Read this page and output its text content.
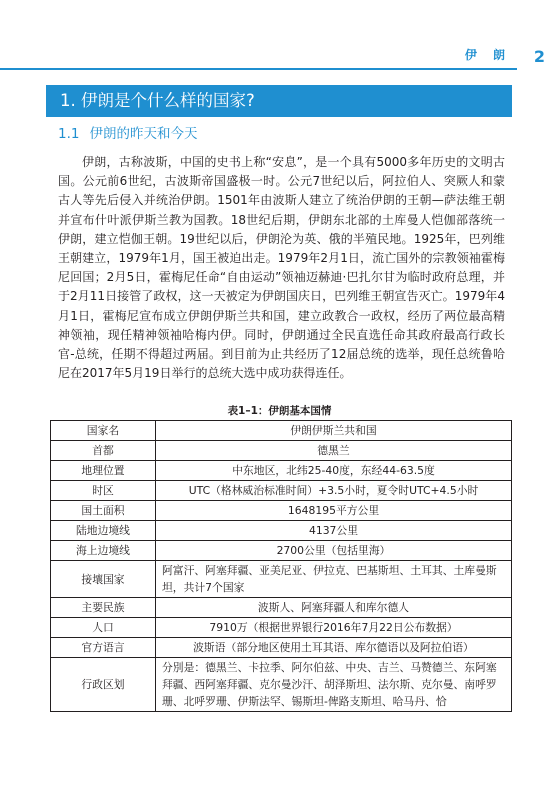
伊 朗 2
1. 伊朗是个什么样的国家?
1.1 伊朗的昨天和今天

伊朗，古称波斯，中国的史书上称“安息”，是一个具有5000多年历史的文明古国。公元前6世纪，古波斯帝国盛极一时。公元7世纪以后，阿拉伯人、突厥人和蒙古人等先后侵入并统治伊朗。1501年由波斯人建立了统治伊朗的王朝—萨法维王朝并宣布什叶派伊斯兰教为国教。18世纪后期，伊朗东北部的土库曼人恺伽部落统一伊朗，建立恺伽王朝。19世纪以后，伊朗沦为英、俄的半殖民地。1925年，巴列维王朝建立，1979年1月，国王被迫出走。1979年2月1日，流亡国外的宗教领袖霍梅尼回国；2月5日，霍梅尼任命“自由运动”领袖迈赫迪·巴扎尔甘为临时政府总理，并于2月11日接管了政权，这一天被定为伊朗国庆日，巴列维王朝宣告灭亡。1979年4月1日，霍梅尼宣布成立伊朗伊斯兰共和国，建立政教合一政权，经历了两位最高精神领袖，现任精神领袖哈梅内伊。同时，伊朗通过全民直选任命其政府最高行政长官-总统，任期不得超过两届。到目前为止共经历了12届总统的选举，现任总统鲁哈尼在2017年5月19日举行的总统大选中成功获得连任。

表1–1：伊朗基本国情
国家名	伊朗伊斯兰共和国
首都	德黑兰
地理位置	中东地区，北纬25-40度，东经44-63.5度
时区	UTC（格林威治标准时间）+3.5小时，夏令时UTC+4.5小时
国土面积	1648195平方公里
陆地边境线	4137公里
海上边境线	2700公里（包括里海）
接壤国家	阿富汗、阿塞拜疆、亚美尼亚、伊拉克、巴基斯坦、土耳其、土库曼斯坦，共计7个国家
主要民族	波斯人、阿塞拜疆人和库尔德人
人口	7910万（根据世界银行2016年7月22日公布数据）
官方语言	波斯语（部分地区使用土耳其语、库尔德语以及阿拉伯语）
行政区划	分別是：德黑兰、卡拉季、阿尔伯兹、中央、吉兰、马赞德兰、东阿塞拜疆、西阿塞拜疆、克尔曼沙汗、胡泽斯坦、法尔斯、克尔曼、南呼罗珊、北呼罗珊、伊斯法罕、锡斯坦-俾路支斯坦、哈马丹、恰
